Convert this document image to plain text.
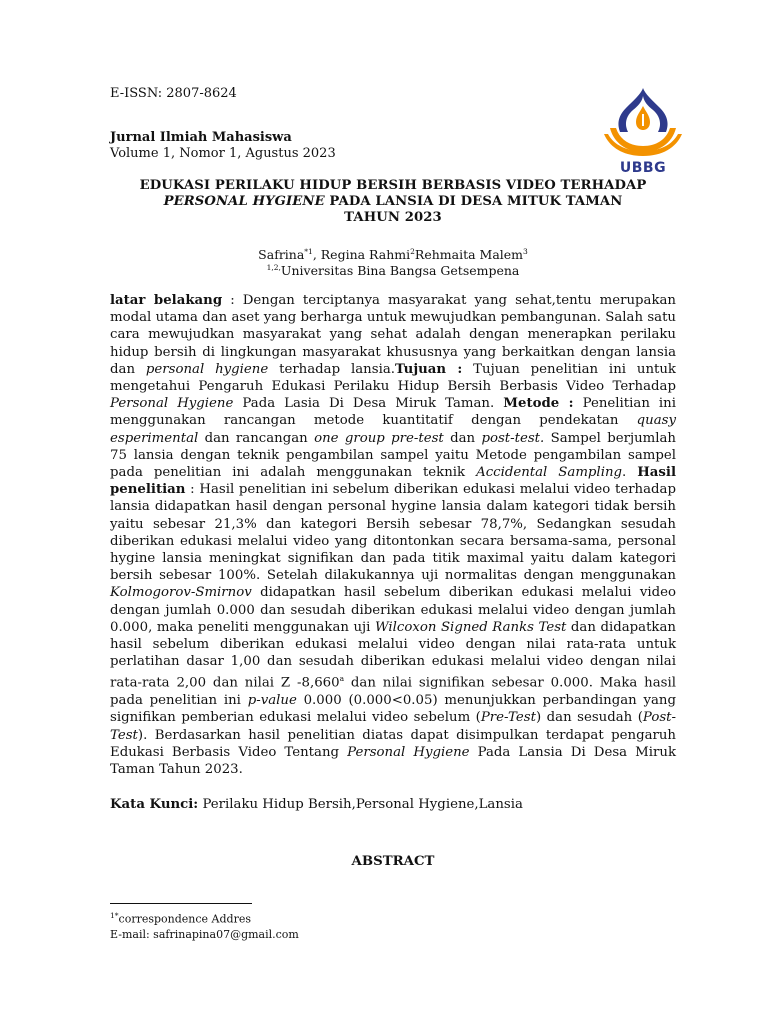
E-ISSN: 2807-8624
Jurnal Ilmiah Mahasiswa
Volume 1, Nomor 1, Agustus 2023
UBBG
EDUKASI PERILAKU HIDUP BERSIH BERBASIS VIDEO TERHADAP
PERSONAL HYGIENE PADA LANSIA DI DESA MITUK TAMAN
TAHUN 2023
Safrina$^{*1}$, Regina Rahmi$^2$Rehmaita Malem$^3$
$^{1,2,}$Universitas Bina Bangsa Getsempena
latar belakang : Dengan terciptanya masyarakat yang sehat,tentu merupakan modal utama dan aset yang berharga untuk mewujudkan pembangunan. Salah satu cara mewujudkan masyarakat yang sehat adalah dengan menerapkan perilaku hidup bersih di lingkungan masyarakat khususnya yang berkaitkan dengan lansia dan personal hygiene terhadap lansia.Tujuan : Tujuan penelitian ini untuk mengetahui Pengaruh Edukasi Perilaku Hidup Bersih Berbasis Video Terhadap Personal Hygiene Pada Lasia Di Desa Miruk Taman. Metode : Penelitian ini menggunakan rancangan metode kuantitatif dengan pendekatan quasy esperimental dan rancangan one group pre-test dan post-test. Sampel berjumlah 75 lansia dengan teknik pengambilan sampel yaitu Metode pengambilan sampel pada penelitian ini adalah menggunakan teknik Accidental Sampling. Hasil penelitian : Hasil penelitian ini sebelum diberikan edukasi melalui video terhadap lansia didapatkan hasil dengan personal hygine lansia dalam kategori tidak bersih yaitu sebesar 21,3% dan kategori Bersih sebesar 78,7%, Sedangkan sesudah diberikan edukasi melalui video yang ditontonkan secara bersama-sama, personal hygine lansia meningkat signifikan dan pada titik maximal yaitu dalam kategori bersih sebesar 100%. Setelah dilakukannya uji normalitas dengan menggunakan Kolmogorov-Smirnov didapatkan hasil sebelum diberikan edukasi melalui video dengan jumlah 0.000 dan sesudah diberikan edukasi melalui video dengan jumlah 0.000, maka peneliti menggunakan uji Wilcoxon Signed Ranks Test dan didapatkan hasil sebelum diberikan edukasi melalui video dengan nilai rata-rata untuk perlatihan dasar 1,00 dan sesudah diberikan edukasi melalui video dengan nilai rata-rata 2,00 dan nilai Z -8,660$^a$ dan nilai signifikan sebesar 0.000. Maka hasil pada penelitian ini p-value 0.000 (0.000<0.05) menunjukkan perbandingan yang signifikan pemberian edukasi melalui video sebelum (Pre-Test) dan sesudah (Post-Test). Berdasarkan hasil penelitian diatas dapat disimpulkan terdapat pengaruh Edukasi Berbasis Video Tentang Personal Hygiene Pada Lansia Di Desa Miruk Taman Tahun 2023.
Kata Kunci: Perilaku Hidup Bersih,Personal Hygiene,Lansia
ABSTRACT
$^{1*}$correspondence Addres
E-mail: safrinapina07@gmail.com
